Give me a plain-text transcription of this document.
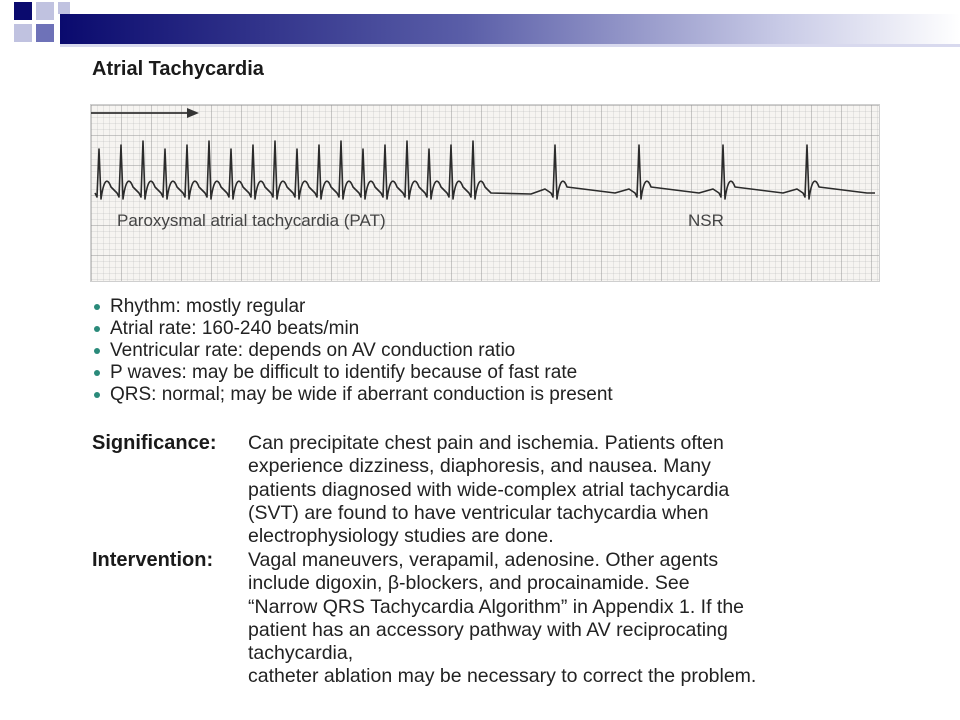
Atrial Tachycardia
Paroxysmal atrial tachycardia (PAT)	NSR
Rhythm: mostly regular
Atrial rate: 160-240 beats/min
Ventricular rate: depends on AV conduction ratio
P waves: may be difficult to identify because of fast rate
QRS: normal; may be wide if aberrant conduction is present
Significance: Can precipitate chest pain and ischemia. Patients often

experience dizziness, diaphoresis, and nausea. Many

patients diagnosed with wide-complex atrial tachycardia

(SVT) are found to have ventricular tachycardia when

electrophysiology studies are done.

Intervention: Vagal maneuvers, verapamil, adenosine. Other agents

include digoxin, β-blockers, and procainamide. See

“Narrow QRS Tachycardia Algorithm” in Appendix 1. If the

patient has an accessory pathway with AV reciprocating

tachycardia,

catheter ablation may be necessary to correct the problem.
